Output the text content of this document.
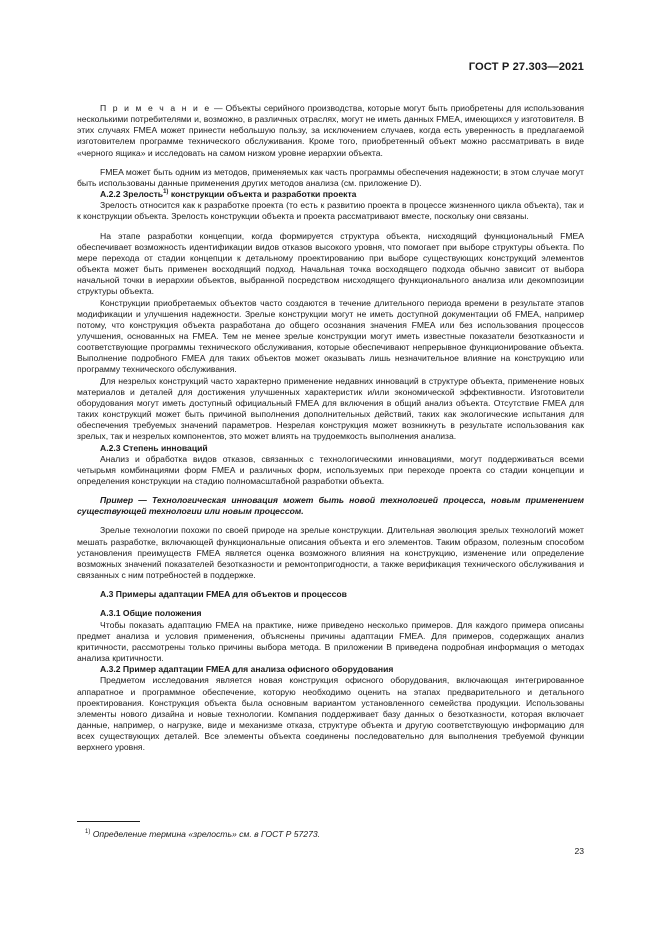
ГОСТ Р 27.303—2021

П р и м е ч а н и е — Объекты серийного производства, которые могут быть приобретены для использования несколькими потребителями и, возможно, в различных отраслях, могут не иметь данных FMEA, имеющихся у изготовителя. В этих случаях FMEA может принести небольшую пользу, за исключением случаев, когда есть уверенность в предлагаемой изготовителем программе технического обслуживания. Кроме того, приобретенный объект можно рассматривать в виде «черного ящика» и исследовать на самом низком уровне иерархии объекта.

FMEA может быть одним из методов, применяемых как часть программы обеспечения надежности; в этом случае могут быть использованы данные применения других методов анализа (см. приложение D).

A.2.2 Зрелость$^{1)}$ конструкции объекта и разработки проекта

Зрелость относится как к разработке проекта (то есть к развитию проекта в процессе жизненного цикла объекта), так и к конструкции объекта. Зрелость конструкции объекта и проекта рассматривают вместе, поскольку они связаны.

На этапе разработки концепции, когда формируется структура объекта, нисходящий функциональный FMEA обеспечивает возможность идентификации видов отказов высокого уровня, что помогает при выборе структуры объекта. По мере перехода от стадии концепции к детальному проектированию при выборе существующих конструкций элементов объекта может быть применен восходящий подход. Начальная точка восходящего подхода обычно зависит от выбора начальной точки в иерархии объектов, выбранной посредством нисходящего функционального анализа или декомпозиции структуры объекта.

Конструкции приобретаемых объектов часто создаются в течение длительного периода времени в результате этапов модификации и улучшения надежности. Зрелые конструкции могут не иметь доступной документации об FMEA, например потому, что конструкция объекта разработана до общего осознания значения FMEA или без использования процессов улучшения, основанных на FMEA. Тем не менее зрелые конструкции могут иметь известные показатели безотказности и соответствующие программы технического обслуживания, которые обеспечивают непрерывное функционирование объекта. Выполнение подробного FMEA для таких объектов может оказывать лишь незначительное влияние на конструкцию или программу технического обслуживания.

Для незрелых конструкций часто характерно применение недавних инноваций в структуре объекта, применение новых материалов и деталей для достижения улучшенных характеристик и/или экономической эффективности. Изготовители оборудования могут иметь доступный официальный FMEA для включения в общий анализ объекта. Отсутствие FMEA для таких конструкций может быть причиной выполнения дополнительных действий, таких как экологические испытания для обеспечения требуемых значений параметров. Незрелая конструкция может возникнуть в результате использования как зрелых, так и незрелых компонентов, это может влиять на трудоемкость выполнения анализа.

A.2.3 Степень инноваций

Анализ и обработка видов отказов, связанных с технологическими инновациями, могут поддерживаться всеми четырьмя комбинациями форм FMEA и различных форм, используемых при переходе проекта со стадии концепции и определения конструкции на стадию полномасштабной разработки объекта.

Пример — Технологическая инновация может быть новой технологией процесса, новым применением существующей технологии или новым процессом.

Зрелые технологии похожи по своей природе на зрелые конструкции. Длительная эволюция зрелых технологий может мешать разработке, включающей функциональные описания объекта и его элементов. Таким образом, полезным способом установления преимуществ FMEA является оценка возможного влияния на конструкцию, изменение или определение возможных значений показателей безотказности и ремонтопригодности, а также верификация технического обслуживания и связанных с ним потребностей в поддержке.

A.3 Примеры адаптации FMEA для объектов и процессов
A.3.1 Общие положения

Чтобы показать адаптацию FMEA на практике, ниже приведено несколько примеров. Для каждого примера описаны предмет анализа и условия применения, объяснены причины адаптации FMEA. Для примеров, содержащих анализ критичности, рассмотрены только причины выбора метода. В приложении B приведена подробная информация о методах анализа критичности.

A.3.2 Пример адаптации FMEA для анализа офисного оборудования

Предметом исследования является новая конструкция офисного оборудования, включающая интегрированное аппаратное и программное обеспечение, которую необходимо оценить на этапах предварительного и детального проектирования. Конструкция объекта была основным вариантом установленного семейства продукции. Использованы элементы нового дизайна и новые технологии. Компания поддерживает базу данных о безотказности, которая включает данные, например, о нагрузке, виде и механизме отказа, структуре объекта и другую соответствующую информацию для всех существующих деталей. Все элементы объекта соединены последовательно для выполнения требуемой функции верхнего уровня.

$^{1)}$ Определение термина «зрелость» см. в ГОСТ Р 57273.
23
